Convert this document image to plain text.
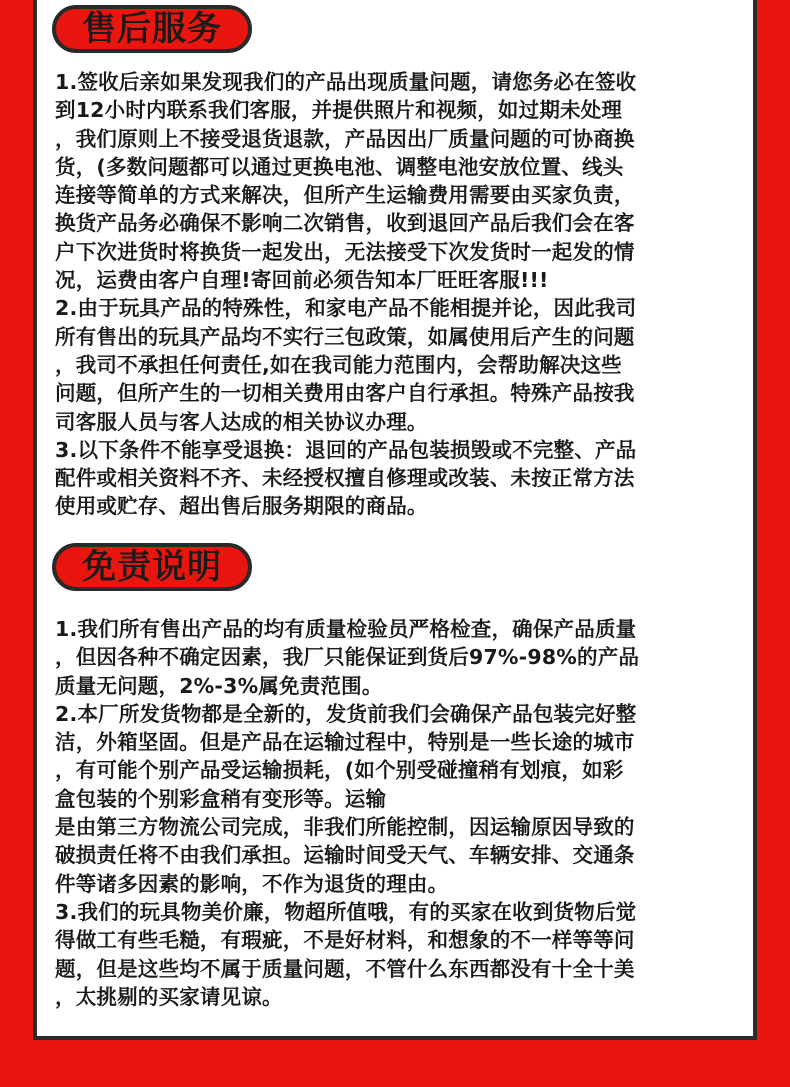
售后服务

1.签收后亲如果发现我们的产品出现质量问题，请您务必在签收

到12小时内联系我们客服，并提供照片和视频，如过期未处理

，我们原则上不接受退货退款，产品因出厂质量问题的可协商换

货，(多数问题都可以通过更换电池、调整电池安放位置、线头

连接等简单的方式来解决，但所产生运输费用需要由买家负责，

换货产品务必确保不影响二次销售，收到退回产品后我们会在客

户下次进货时将换货一起发出，无法接受下次发货时一起发的情

况，运费由客户自理!寄回前必须告知本厂旺旺客服!!!

2.由于玩具产品的特殊性，和家电产品不能相提并论，因此我司

所有售出的玩具产品均不实行三包政策，如属使用后产生的问题

，我司不承担任何责任,如在我司能力范围内，会帮助解决这些

问题，但所产生的一切相关费用由客户自行承担。特殊产品按我

司客服人员与客人达成的相关协议办理。

3.以下条件不能享受退换：退回的产品包装损毁或不完整、产品

配件或相关资料不齐、未经授权擅自修理或改装、未按正常方法

使用或贮存、超出售后服务期限的商品。

免责说明

1.我们所有售出产品的均有质量检验员严格检查，确保产品质量

，但因各种不确定因素，我厂只能保证到货后97%-98%的产品

质量无问题，2%-3%属免责范围。

2.本厂所发货物都是全新的，发货前我们会确保产品包装完好整

洁，外箱坚固。但是产品在运输过程中，特别是一些长途的城市

，有可能个别产品受运输损耗，(如个别受碰撞稍有划痕，如彩

盒包装的个别彩盒稍有变形等。运输

是由第三方物流公司完成，非我们所能控制，因运输原因导致的

破损责任将不由我们承担。运输时间受天气、车辆安排、交通条

件等诸多因素的影响，不作为退货的理由。

3.我们的玩具物美价廉，物超所值哦，有的买家在收到货物后觉

得做工有些毛糙，有瑕疵，不是好材料，和想象的不一样等等问

题，但是这些均不属于质量问题，不管什么东西都没有十全十美

，太挑剔的买家请见谅。
